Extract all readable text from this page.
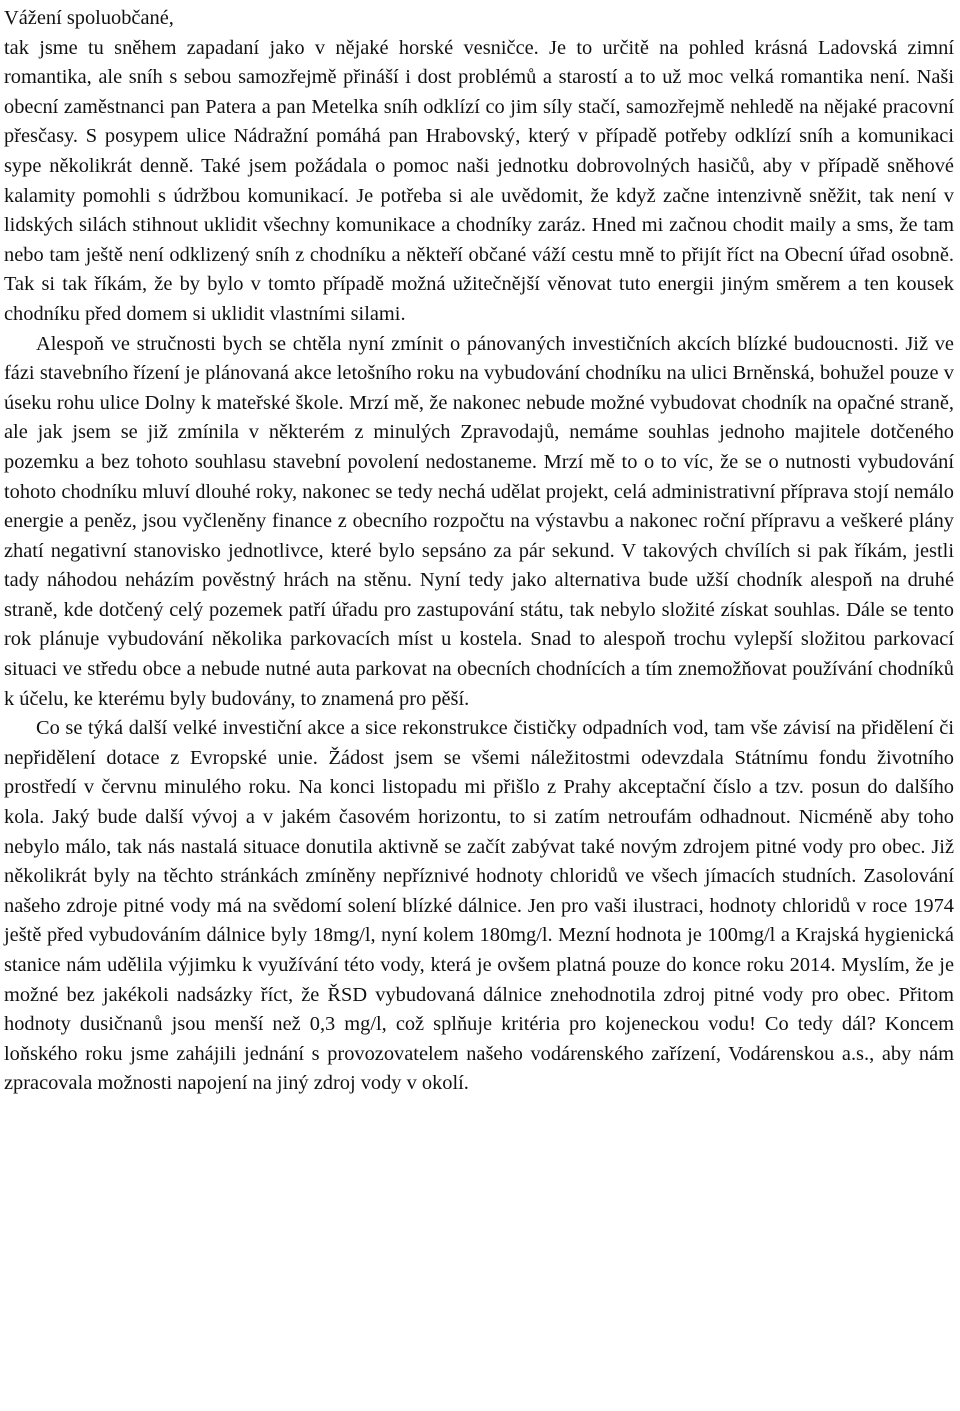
Vážení spoluobčané,

tak jsme tu sněhem zapadaní jako v nějaké horské vesničce. Je to určitě na pohled krásná Ladovská zimní romantika, ale sníh s sebou samozřejmě přináší i dost problémů a starostí a to už moc velká romantika není. Naši obecní zaměstnanci pan Patera a pan Metelka sníh odklízí co jim síly stačí, samozřejmě nehledě na nějaké pracovní přesčasy. S posypem ulice Nádražní pomáhá pan Hrabovský, který v případě potřeby odklízí sníh a komunikaci sype několikrát denně. Také jsem požádala o pomoc naši jednotku dobrovolných hasičů, aby v případě sněhové kalamity pomohli s údržbou komunikací. Je potřeba si ale uvědomit, že když začne intenzivně sněžit, tak není v lidských silách stihnout uklidit všechny komunikace a chodníky zaráz. Hned mi začnou chodit maily a sms, že tam nebo tam ještě není odklizený sníh z chodníku a někteří občané váží cestu mně to přijít říct na Obecní úřad osobně. Tak si tak říkám, že by bylo v tomto případě možná užitečnější věnovat tuto energii jiným směrem a ten kousek chodníku před domem si uklidit vlastními silami.

Alespoň ve stručnosti bych se chtěla nyní zmínit o pánovaných investičních akcích blízké budoucnosti. Již ve fázi stavebního řízení je plánovaná akce letošního roku na vybudování chodníku na ulici Brněnská, bohužel pouze v úseku rohu ulice Dolny k mateřské škole. Mrzí mě, že nakonec nebude možné vybudovat chodník na opačné straně, ale jak jsem se již zmínila v některém z minulých Zpravodajů, nemáme souhlas jednoho majitele dotčeného pozemku a bez tohoto souhlasu stavební povolení nedostaneme. Mrzí mě to o to víc, že se o nutnosti vybudování tohoto chodníku mluví dlouhé roky, nakonec se tedy nechá udělat projekt, celá administrativní příprava stojí nemálo energie a peněz, jsou vyčleněny finance z obecního rozpočtu na výstavbu a nakonec roční přípravu a veškeré plány zhatí negativní stanovisko jednotlivce, které bylo sepsáno za pár sekund. V takových chvílích si pak říkám, jestli tady náhodou neházím pověstný hrách na stěnu. Nyní tedy jako alternativa bude užší chodník alespoň na druhé straně, kde dotčený celý pozemek patří úřadu pro zastupování státu, tak nebylo složité získat souhlas. Dále se tento rok plánuje vybudování několika parkovacích míst u kostela. Snad to alespoň trochu vylepší složitou parkovací situaci ve středu obce a nebude nutné auta parkovat na obecních chodnících a tím znemožňovat používání chodníků k účelu, ke kterému byly budovány, to znamená pro pěší.

Co se týká další velké investiční akce a sice rekonstrukce čističky odpadních vod, tam vše závisí na přidělení či nepřidělení dotace z Evropské unie. Žádost jsem se všemi náležitostmi odevzdala Státnímu fondu životního prostředí v červnu minulého roku. Na konci listopadu mi přišlo z Prahy akceptační číslo a tzv. posun do dalšího kola. Jaký bude další vývoj a v jakém časovém horizontu, to si zatím netroufám odhadnout. Nicméně aby toho nebylo málo, tak nás nastalá situace donutila aktivně se začít zabývat také novým zdrojem pitné vody pro obec. Již několikrát byly na těchto stránkách zmíněny nepříznivé hodnoty chloridů ve všech jímacích studních. Zasolování našeho zdroje pitné vody má na svědomí solení blízké dálnice. Jen pro vaši ilustraci, hodnoty chloridů v roce 1974 ještě před vybudováním dálnice byly 18mg/l, nyní kolem 180mg/l. Mezní hodnota je 100mg/l a Krajská hygienická stanice nám udělila výjimku k využívání této vody, která je ovšem platná pouze do konce roku 2014. Myslím, že je možné bez jakékoli nadsázky říct, že ŘSD vybudovaná dálnice znehodnotila zdroj pitné vody pro obec. Přitom hodnoty dusičnanů jsou menší než 0,3 mg/l, což splňuje kritéria pro kojeneckou vodu! Co tedy dál? Koncem loňského roku jsme zahájili jednání s provozovatelem našeho vodárenského zařízení, Vodárenskou a.s., aby nám zpracovala možnosti napojení na jiný zdroj vody v okolí.
